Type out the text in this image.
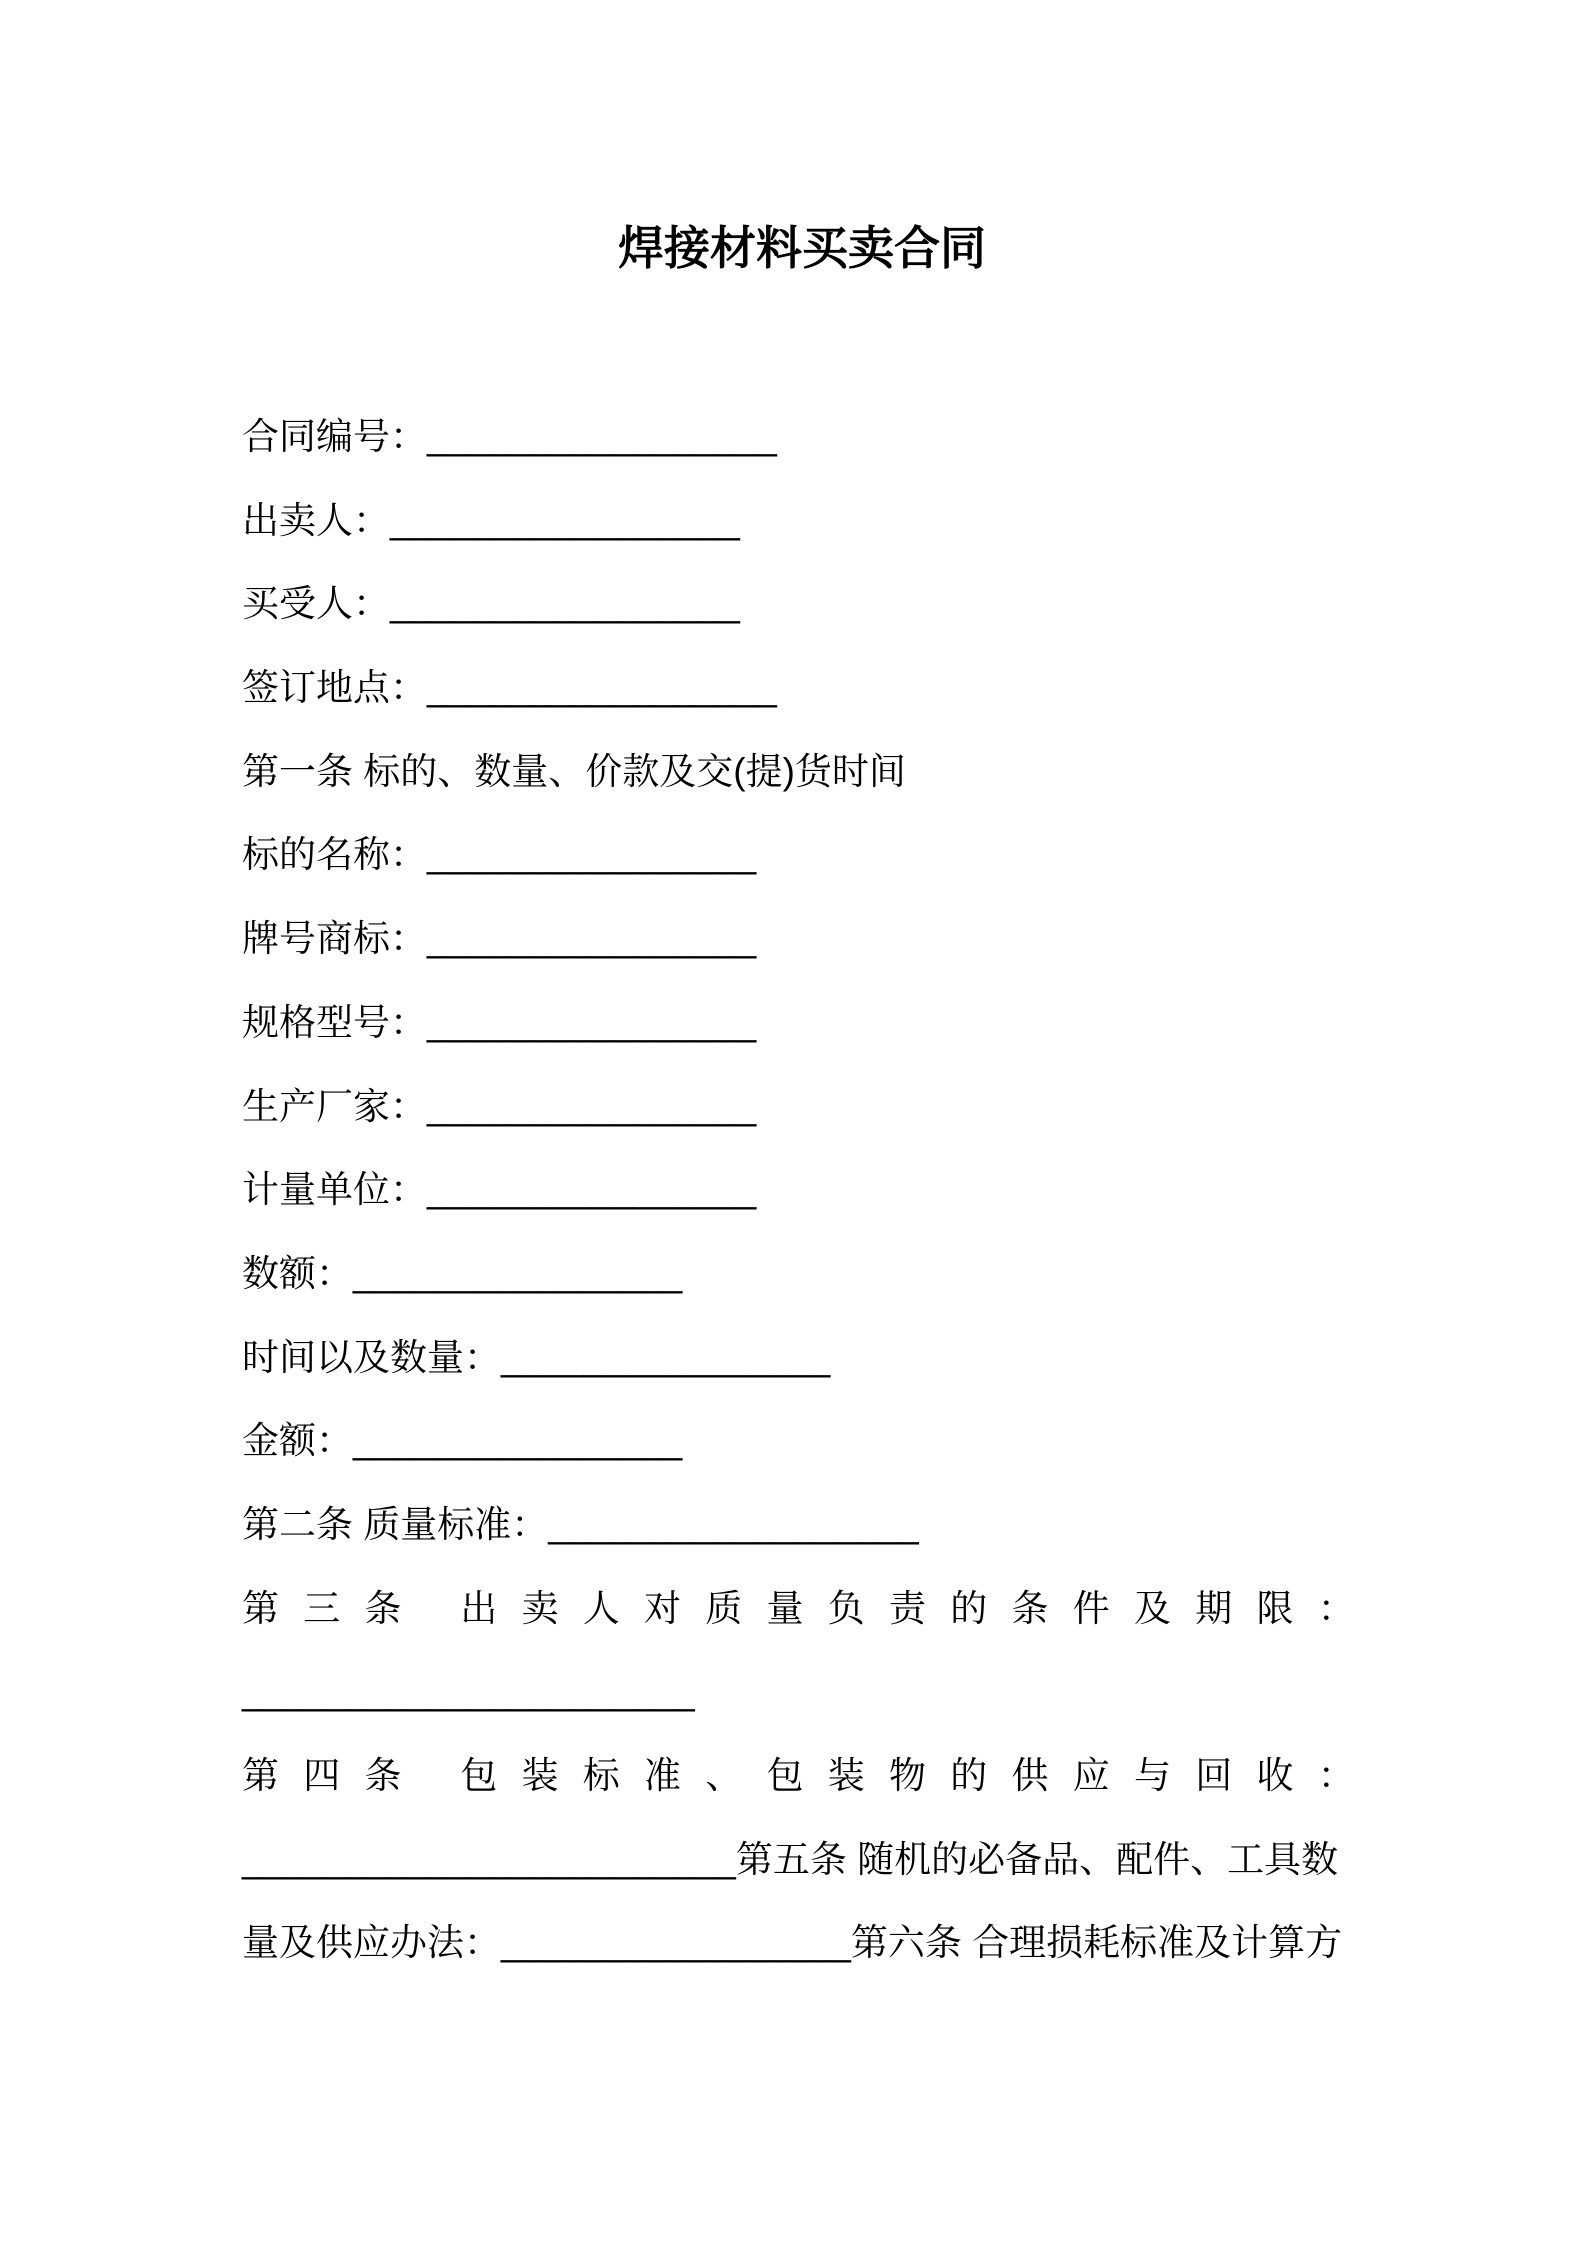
焊接材料买卖合同
合同编号： _________________
出卖人： _________________
买受人： _________________
签订地点： _________________
第一条 标的、数量、价款及交(提)货时间
标的名称： ________________
牌号商标： ________________
规格型号： ________________
生产厂家： ________________
计量单位： ________________
数额： ________________
时间以及数量： ________________
金额： ________________
第二条 质量标准： __________________
第 三 条
出 卖 人 对 质 量 负 责 的 条 件 及 期 限 ：
______________________
第 四 条
包 装 标 准 、 包 装 物 的 供 应 与 回 收 ：
________________________ 第五条 随机的必备品、配件、工具数
量及供应办法： _________________ 第六条 合理损耗标准及计算方
